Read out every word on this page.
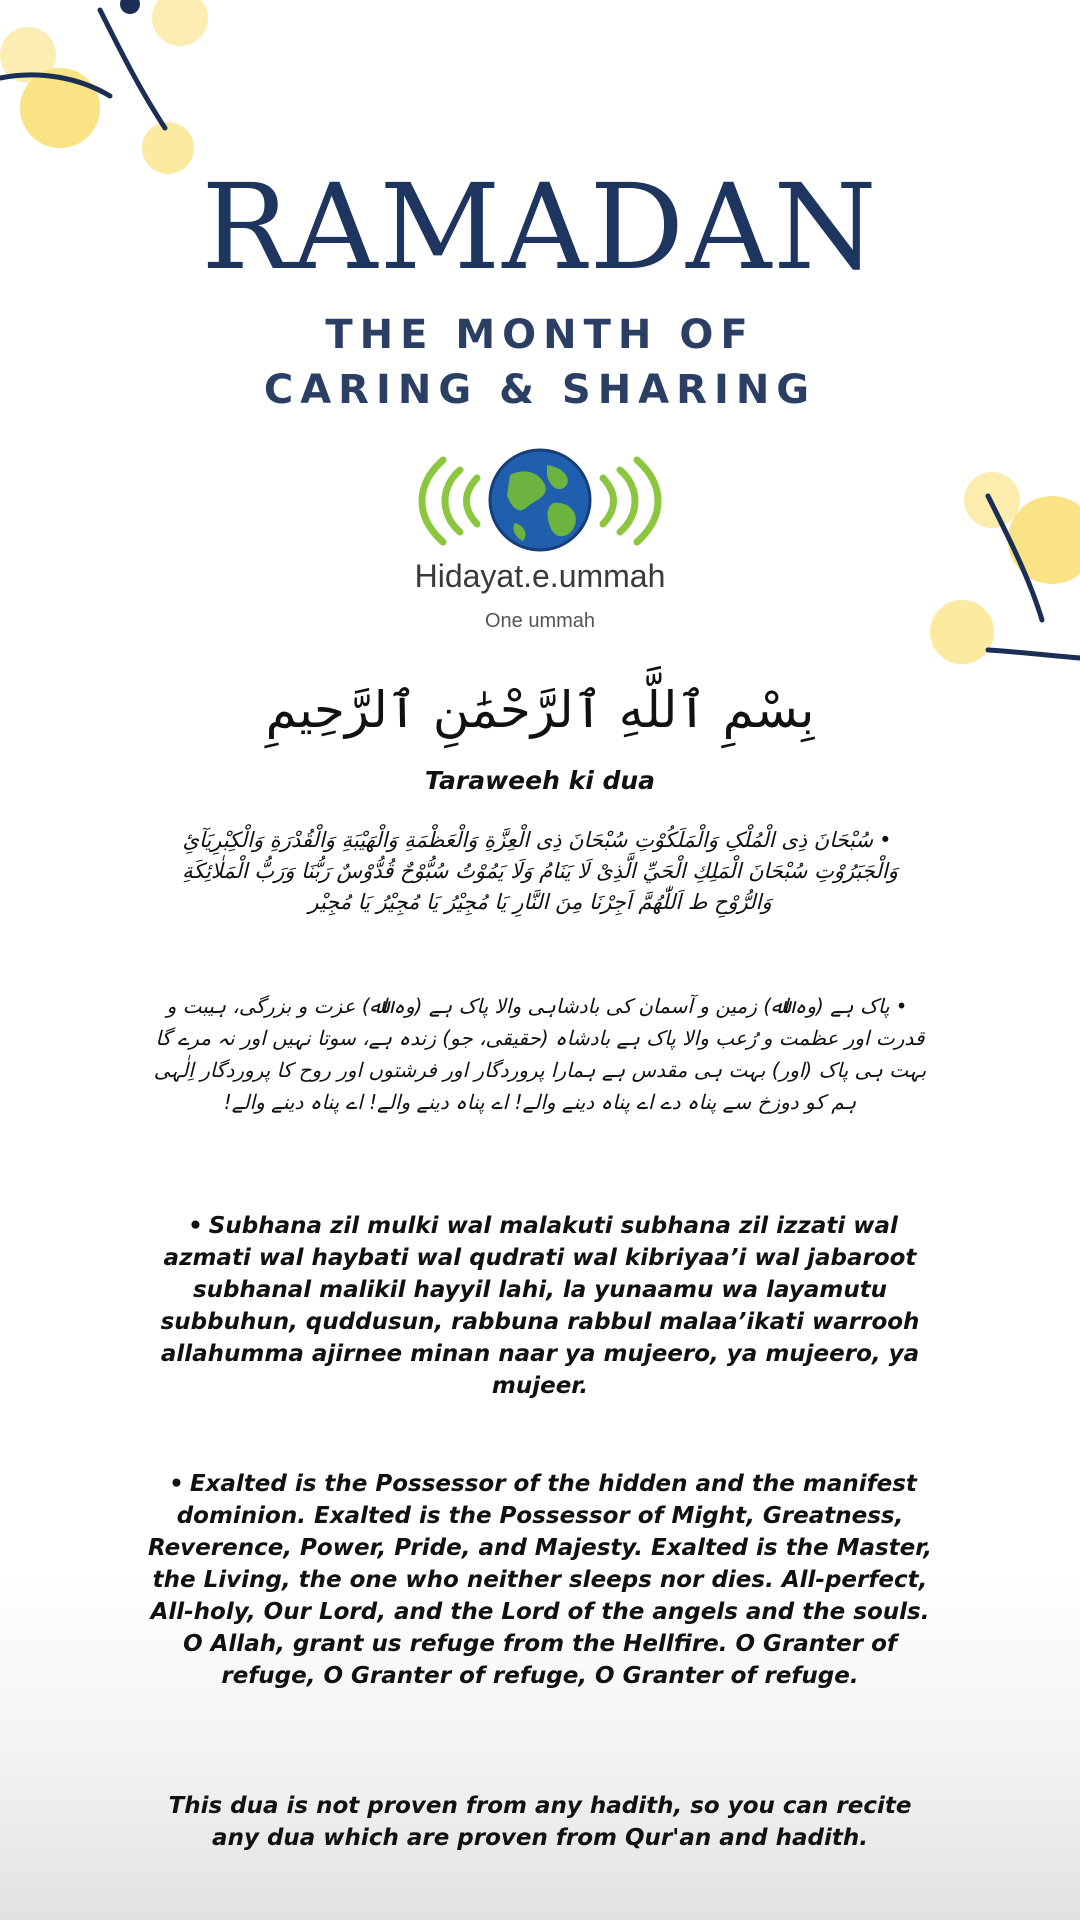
RAMADAN
THE MONTH OF
CARING & SHARING
Hidayat.e.ummah
One ummah
بِسْمِ ٱللَّهِ ٱلرَّحْمَٰنِ ٱلرَّحِيمِ
Taraweeh ki dua
•سُبْحَانَ ذِی الْمُلْکِ وَالْمَلَكُوْتِ سُبْحَانَ ذِی الْعِزَّةِ وَالْعَظْمَةِ وَالْهَيْبَةِ وَالْقُدْرَةِ وَالْكِبْرِيَآئِ وَالْجَبَرُوْتِ سُبْحَانَ الْمَلِكِ الْحَيِّ الَّذِیْ لَا يَنَامُ وَلَا يَمُوْتُ سُبُّوْحٌ قُدُّوْسٌ رَبُّنَا وَرَبُّ الْمَلٰائِكَةِ وَالرُّوْحِ ط اَللّٰهُمَّ اَجِرْنَا مِنَ النَّارِ يَا مُجِيْرُ يَا مُجِيْرُ يَا مُجِيْر
•پاک ہے (وہ اﷲ) زمین و آسمان کی بادشاہی والا پاک ہے (وہ اﷲ) عزت و بزرگی، ہیبت و قدرت اور عظمت و رُعب والا پاک ہے بادشاہ (حقیقی، جو) زندہ ہے، سوتا نہیں اور نہ مرے گا بہت ہی پاک (اور) بہت ہی مقدس ہے ہمارا پروردگار اور فرشتوں اور روح کا پروردگار اِلٰہی ہم کو دوزخ سے پناہ دے اے پناہ دینے والے! اے پناہ دینے والے! اے پناہ دینے والے!
• Subhana zil mulki wal malakuti subhana zil izzati wal azmati wal haybati wal qudrati wal kibriyaa’i wal jabaroot subhanal malikil hayyil lahi, la yunaamu wa layamutu subbuhun, quddusun, rabbuna rabbul malaa’ikati warrooh allahumma ajirnee minan naar ya mujeero, ya mujeero, ya mujeer.
• Exalted is the Possessor of the hidden and the manifest dominion. Exalted is the Possessor of Might, Greatness, Reverence, Power, Pride, and Majesty. Exalted is the Master, the Living, the one who neither sleeps nor dies. All-perfect, All-holy, Our Lord, and the Lord of the angels and the souls. O Allah, grant us refuge from the Hellfire. O Granter of refuge, O Granter of refuge, O Granter of refuge.
This dua is not proven from any hadith, so you can recite any dua which are proven from Qur'an and hadith.
